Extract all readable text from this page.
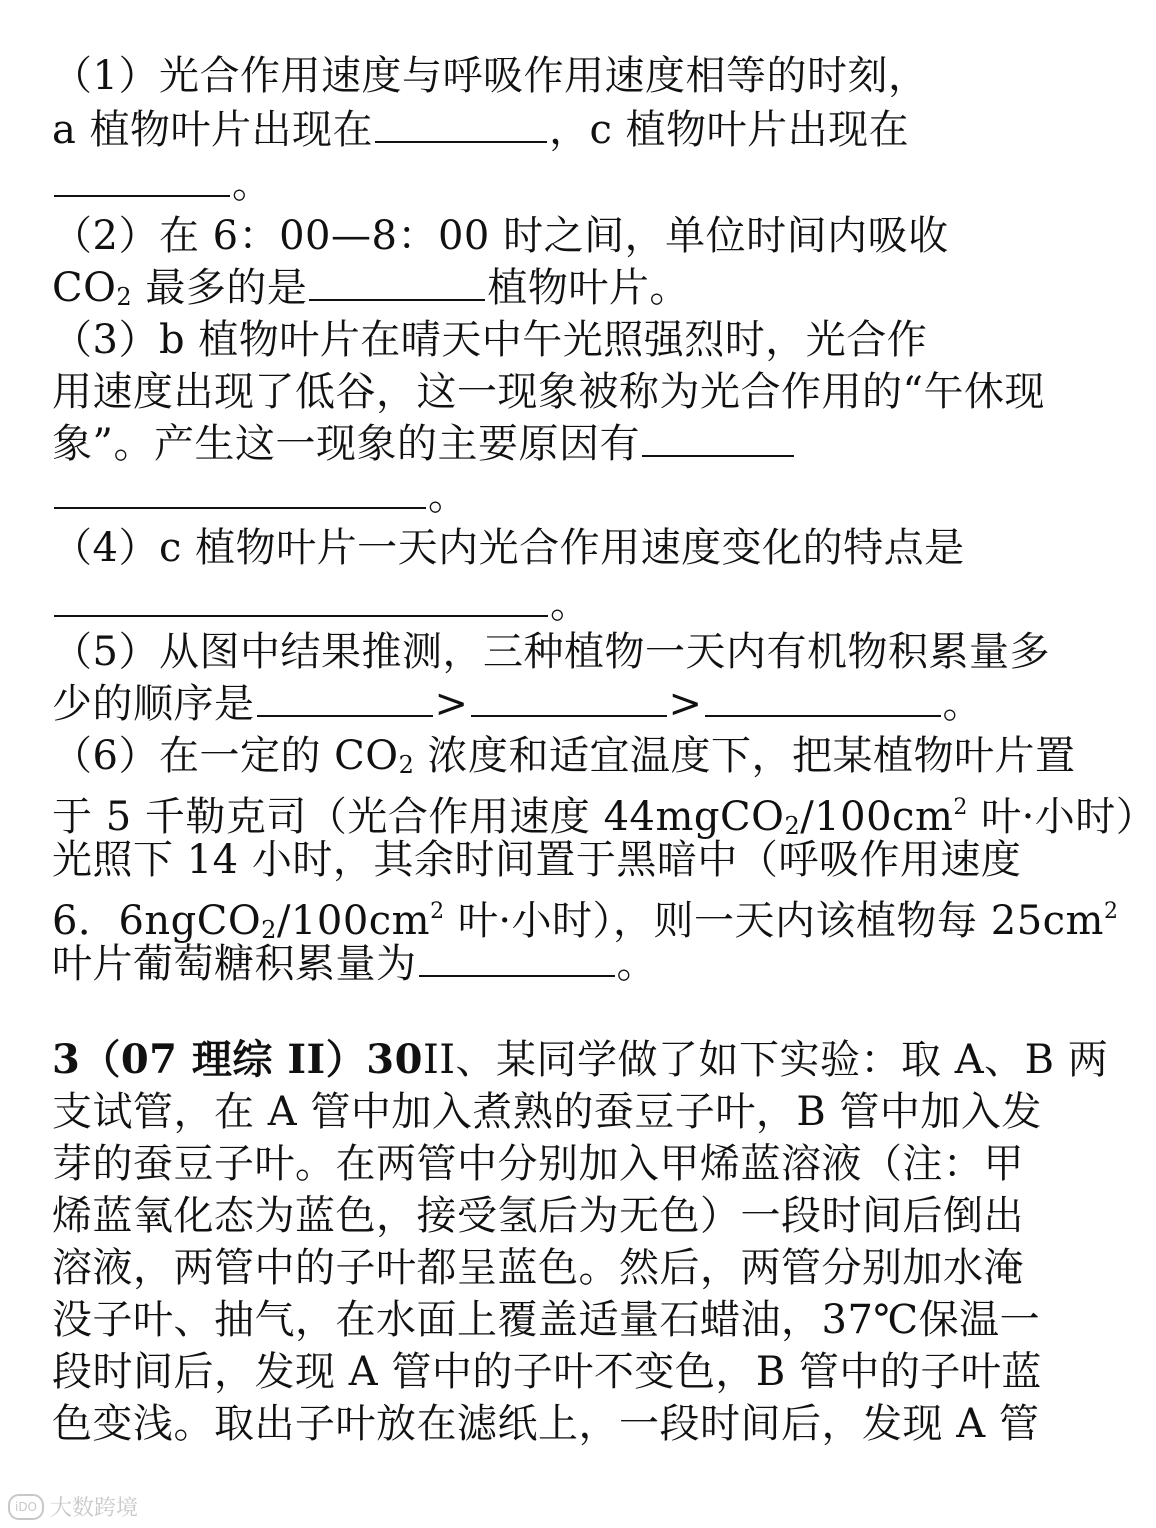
（1）光合作用速度与呼吸作用速度相等的时刻，
a 植物叶片出现在	，c 植物叶片出现在
。
（2）在 6：00—8：00 时之间，单位时间内吸收
CO2 最多的是	植物叶片。
（3）b 植物叶片在晴天中午光照强烈时，光合作
用速度出现了低谷，这一现象被称为光合作用的“午休现
象”。产生这一现象的主要原因有
。
（4）c 植物叶片一天内光合作用速度变化的特点是
。
（5）从图中结果推测，三种植物一天内有机物积累量多
少的顺序是	>	>	。
（6）在一定的 CO2 浓度和适宜温度下，把某植物叶片置
于 5 千勒克司（光合作用速度 $44mgCO2/100cm^2$ 叶·小时）
光照下 14 小时，其余时间置于黑暗中（呼吸作用速度
6．$6ngCO2/100cm^2$ 叶·小时），则一天内该植物每 $25cm^2$
叶片葡萄糖积累量为	。
3（07 理综 II）30II、某同学做了如下实验：取 A、B 两
支试管，在 A 管中加入煮熟的蚕豆子叶，B 管中加入发
芽的蚕豆子叶。在两管中分别加入甲烯蓝溶液（注：甲
烯蓝氧化态为蓝色，接受氢后为无色）一段时间后倒出
溶液，两管中的子叶都呈蓝色。然后，两管分别加水淹
没子叶、抽气，在水面上覆盖适量石蜡油，37℃保温一
段时间后，发现 A 管中的子叶不变色，B 管中的子叶蓝
色变浅。取出子叶放在滤纸上，一段时间后，发现 A 管
iDO 大数跨境
